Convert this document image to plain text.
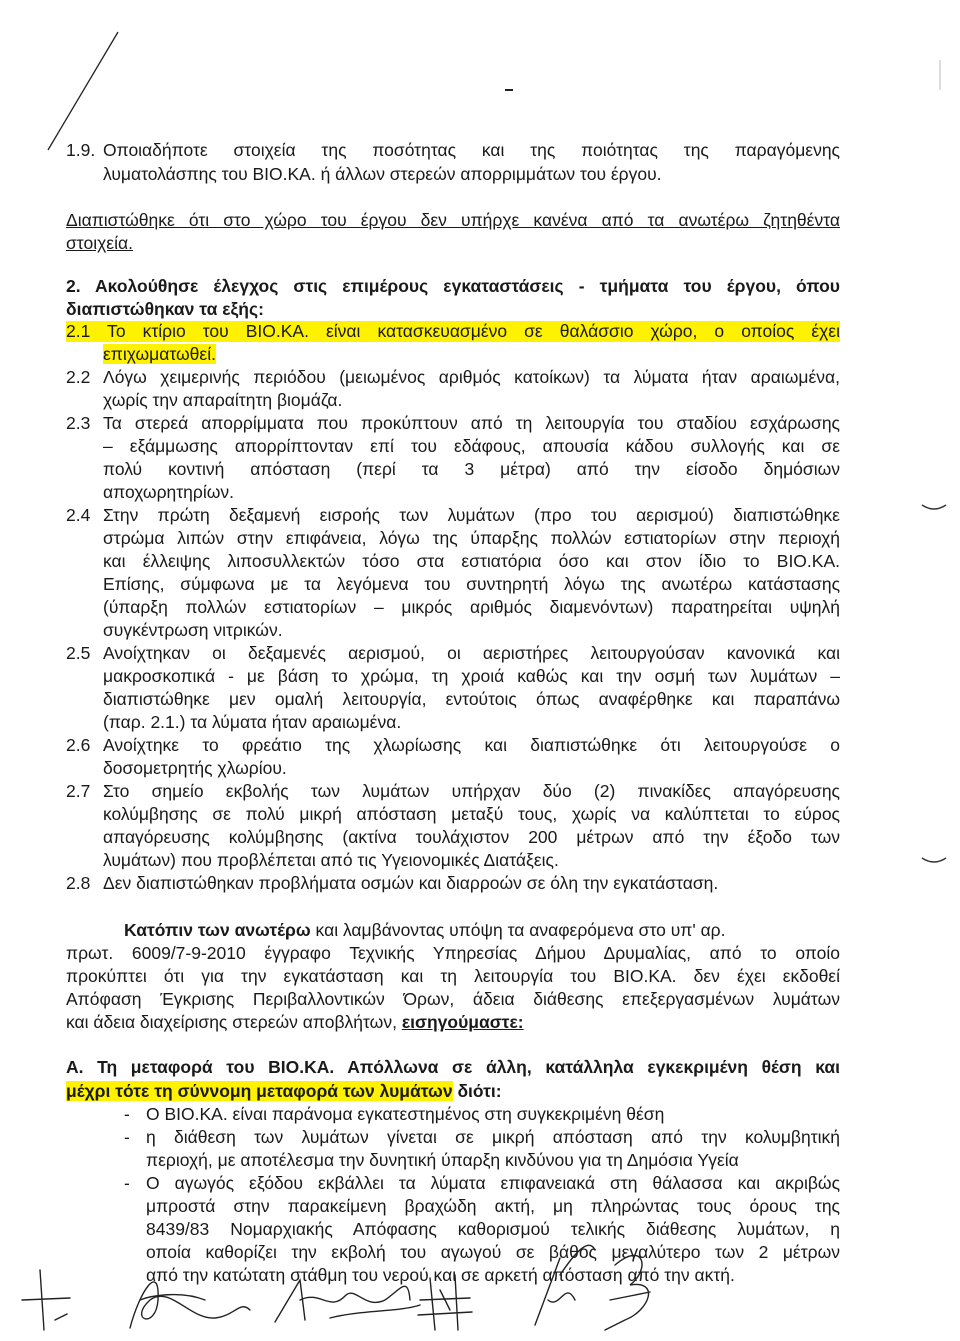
1.9. Οποιαδήποτε στοιχεία της ποσότητας και της ποιότητας της παραγόμενης
λυματολάσπης του ΒΙΟ.ΚΑ. ή άλλων στερεών απορριμμάτων του έργου.
Διαπιστώθηκε ότι στο χώρο του έργου δεν υπήρχε κανένα από τα ανωτέρω ζητηθέντα
στοιχεία.
2. Ακολούθησε έλεγχος στις επιμέρους εγκαταστάσεις - τμήματα του έργου, όπου
διαπιστώθηκαν τα εξής:
2.1 Το κτίριο του ΒΙΟ.ΚΑ. είναι κατασκευασμένο σε θαλάσσιο χώρο, ο οποίος έχει
επιχωματωθεί.
2.2 Λόγω χειμερινής περιόδου (μειωμένος αριθμός κατοίκων) τα λύματα ήταν αραιωμένα,
χωρίς την απαραίτητη βιομάζα.
2.3 Τα στερεά απορρίμματα που προκύπτουν από τη λειτουργία του σταδίου εσχάρωσης
– εξάμμωσης απορρίπτονταν επί του εδάφους, απουσία κάδου συλλογής και σε
πολύ κοντινή απόσταση (περί τα 3 μέτρα) από την είσοδο δημόσιων
αποχωρητηρίων.
2.4 Στην πρώτη δεξαμενή εισροής των λυμάτων (προ του αερισμού) διαπιστώθηκε
στρώμα λιπών στην επιφάνεια, λόγω της ύπαρξης πολλών εστιατορίων στην περιοχή
και έλλειψης λιποσυλλεκτών τόσο στα εστιατόρια όσο και στον ίδιο το ΒΙΟ.ΚΑ.
Επίσης, σύμφωνα με τα λεγόμενα του συντηρητή λόγω της ανωτέρω κατάστασης
(ύπαρξη πολλών εστιατορίων – μικρός αριθμός διαμενόντων) παρατηρείται υψηλή
συγκέντρωση νιτρικών.
2.5 Ανοίχτηκαν οι δεξαμενές αερισμού, οι αεριστήρες λειτουργούσαν κανονικά και
μακροσκοπικά - με βάση το χρώμα, τη χροιά καθώς και την οσμή των λυμάτων –
διαπιστώθηκε μεν ομαλή λειτουργία, εντούτοις όπως αναφέρθηκε και παραπάνω
(παρ. 2.1.) τα λύματα ήταν αραιωμένα.
2.6 Ανοίχτηκε το φρεάτιο της χλωρίωσης και διαπιστώθηκε ότι λειτουργούσε ο
δοσομετρητής χλωρίου.
2.7 Στο σημείο εκβολής των λυμάτων υπήρχαν δύο (2) πινακίδες απαγόρευσης
κολύμβησης σε πολύ μικρή απόσταση μεταξύ τους, χωρίς να καλύπτεται το εύρος
απαγόρευσης κολύμβησης (ακτίνα τουλάχιστον 200 μέτρων από την έξοδο των
λυμάτων) που προβλέπεται από τις Υγειονομικές Διατάξεις.
2.8 Δεν διαπιστώθηκαν προβλήματα οσμών και διαρροών σε όλη την εγκατάσταση.
Κατόπιν των ανωτέρω και λαμβάνοντας υπόψη τα αναφερόμενα στο υπ' αρ.
πρωτ. 6009/7-9-2010 έγγραφο Τεχνικής Υπηρεσίας Δήμου Δρυμαλίας, από το οποίο
προκύπτει ότι για την εγκατάσταση και τη λειτουργία του ΒΙΟ.ΚΑ. δεν έχει εκδοθεί
Απόφαση Έγκρισης Περιβαλλοντικών Όρων, άδεια διάθεσης επεξεργασμένων λυμάτων
και άδεια διαχείρισης στερεών αποβλήτων, εισηγούμαστε:
Α. Τη μεταφορά του ΒΙΟ.ΚΑ. Απόλλωνα σε άλλη, κατάλληλα εγκεκριμένη θέση και
μέχρι τότε τη σύννομη μεταφορά των λυμάτων διότι:
- Ο ΒΙΟ.ΚΑ. είναι παράνομα εγκατεστημένος στη συγκεκριμένη θέση
- η διάθεση των λυμάτων γίνεται σε μικρή απόσταση από την κολυμβητική
περιοχή, με αποτέλεσμα την δυνητική ύπαρξη κινδύνου για τη Δημόσια Υγεία
- Ο αγωγός εξόδου εκβάλλει τα λύματα επιφανειακά στη θάλασσα και ακριβώς
μπροστά στην παρακείμενη βραχώδη ακτή, μη πληρώντας τους όρους της
8439/83 Νομαρχιακής Απόφασης καθορισμού τελικής διάθεσης λυμάτων, η
οποία καθορίζει την εκβολή του αγωγού σε βάθος μεγαλύτερο των 2 μέτρων
από την κατώτατη στάθμη του νερού και σε αρκετή απόσταση από την ακτή.
